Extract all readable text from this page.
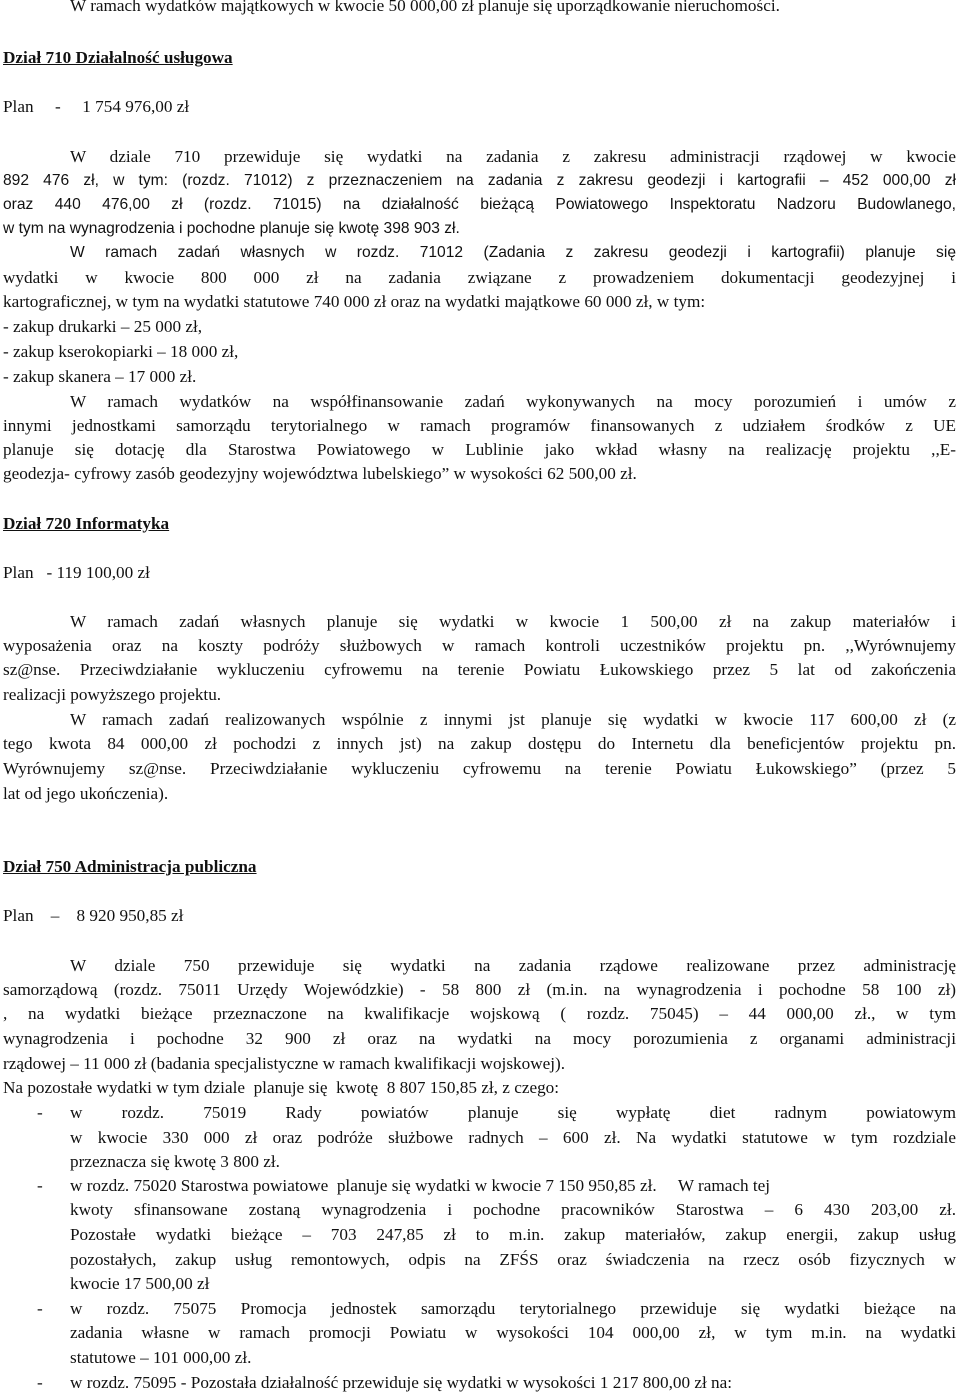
W ramach wydatków majątkowych w kwocie 50 000,00 zł planuje się uporządkowanie nieruchomości.
Dział 710 Działalność usługowa
Plan     -     1 754 976,00 zł
W dziale 710 przewiduje się wydatki na zadania z zakresu administracji rządowej w kwocie
892 476 zł, w tym: (rozdz. 71012) z przeznaczeniem na zadania z zakresu geodezji i kartografii – 452 000,00 zł
oraz 440 476,00 zł (rozdz. 71015) na działalność bieżącą Powiatowego Inspektoratu Nadzoru Budowlanego,
w tym na wynagrodzenia i pochodne planuje się kwotę 398 903 zł.
W ramach zadań własnych w rozdz. 71012 (Zadania z zakresu geodezji i kartografii) planuje się
wydatki w kwocie 800 000 zł na zadania związane z prowadzeniem dokumentacji geodezyjnej i
kartograficznej, w tym na wydatki statutowe 740 000 zł oraz na wydatki majątkowe 60 000 zł, w tym:
- zakup drukarki – 25 000 zł,
- zakup kserokopiarki – 18 000 zł,
- zakup skanera – 17 000 zł.
W ramach wydatków na współfinansowanie zadań wykonywanych na mocy porozumień i umów z
innymi jednostkami samorządu terytorialnego w ramach programów finansowanych z udziałem środków z UE
planuje się dotację dla Starostwa Powiatowego w Lublinie jako wkład własny na realizację projektu ,,E-
geodezja- cyfrowy zasób geodezyjny województwa lubelskiego” w wysokości 62 500,00 zł.
Dział 720 Informatyka
Plan   - 119 100,00 zł
W ramach zadań własnych planuje się wydatki w kwocie 1 500,00 zł na zakup materiałów i
wyposażenia oraz na koszty podróży służbowych w ramach kontroli uczestników projektu pn. ,,Wyrównujemy
sz@nse. Przeciwdziałanie wykluczeniu cyfrowemu na terenie Powiatu Łukowskiego przez 5 lat od zakończenia
realizacji powyższego projektu.
W ramach zadań realizowanych wspólnie z innymi jst planuje się wydatki w kwocie 117 600,00 zł (z
tego kwota 84 000,00 zł pochodzi z innych jst) na zakup dostępu do Internetu dla beneficjentów projektu pn.
Wyrównujemy sz@nse. Przeciwdziałanie wykluczeniu cyfrowemu na terenie Powiatu Łukowskiego” (przez 5
lat od jego ukończenia).
Dział 750 Administracja publiczna
Plan    –    8 920 950,85 zł
W dziale 750 przewiduje się wydatki na zadania rządowe realizowane przez administrację
samorządową (rozdz. 75011 Urzędy Wojewódzkie) - 58 800 zł (m.in. na wynagrodzenia i pochodne 58 100 zł)
, na wydatki bieżące przeznaczone na kwalifikacje wojskową ( rozdz. 75045) – 44 000,00 zł., w tym
wynagrodzenia i pochodne 32 900 zł oraz na wydatki na mocy porozumienia z organami administracji
rządowej – 11 000 zł (badania specjalistyczne w ramach kwalifikacji wojskowej).
Na pozostałe wydatki w tym dziale  planuje się  kwotę  8 807 150,85 zł, z czego:
- w rozdz. 75019 Rady powiatów planuje się wypłatę diet radnym powiatowym
w kwocie 330 000 zł oraz podróże służbowe radnych – 600 zł. Na wydatki statutowe w tym rozdziale
przeznacza się kwotę 3 800 zł.
- w rozdz. 75020 Starostwa powiatowe  planuje się wydatki w kwocie 7 150 950,85 zł.     W ramach tej
kwoty sfinansowane zostaną wynagrodzenia i pochodne pracowników Starostwa – 6 430 203,00 zł.
Pozostałe wydatki bieżące – 703 247,85 zł to m.in. zakup materiałów, zakup energii, zakup usług
pozostałych, zakup usług remontowych, odpis na ZFŚS oraz świadczenia na rzecz osób fizycznych w
kwocie 17 500,00 zł
- w rozdz. 75075 Promocja jednostek samorządu terytorialnego przewiduje się wydatki bieżące na
zadania własne w ramach promocji Powiatu w wysokości 104 000,00 zł, w tym m.in. na wydatki
statutowe – 101 000,00 zł.
- w rozdz. 75095 - Pozostała działalność przewiduje się wydatki w wysokości 1 217 800,00 zł na:
